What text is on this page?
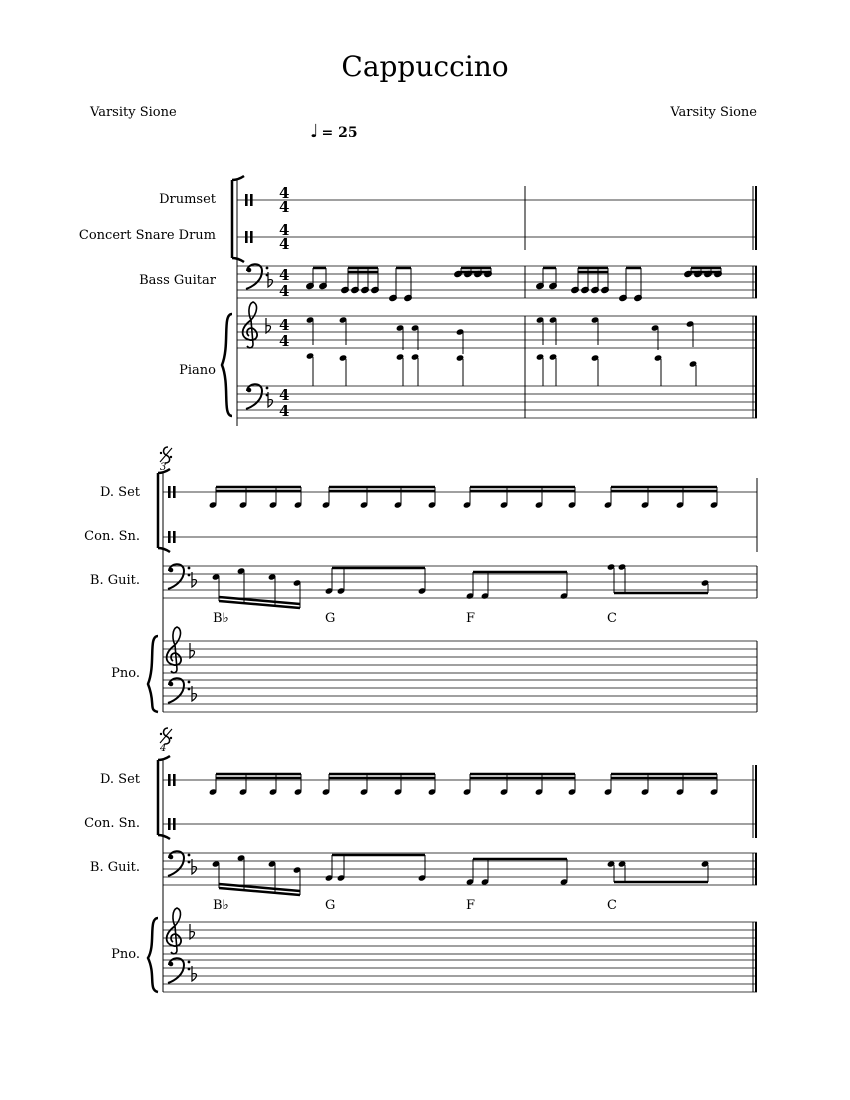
Cappuccino
Varsity Sione	Varsity Sione
♩ = 25
Drumset
Concert Snare Drum
Bass Guitar
Piano
D. Set
Con. Sn.
B. Guit.
Pno.
D. Set
Con. Sn.
B. Guit.
Pno.
4
4
4
4
4
4
4
4
4
4
3
B♭	G	F	C
4
B♭	G	F	C
